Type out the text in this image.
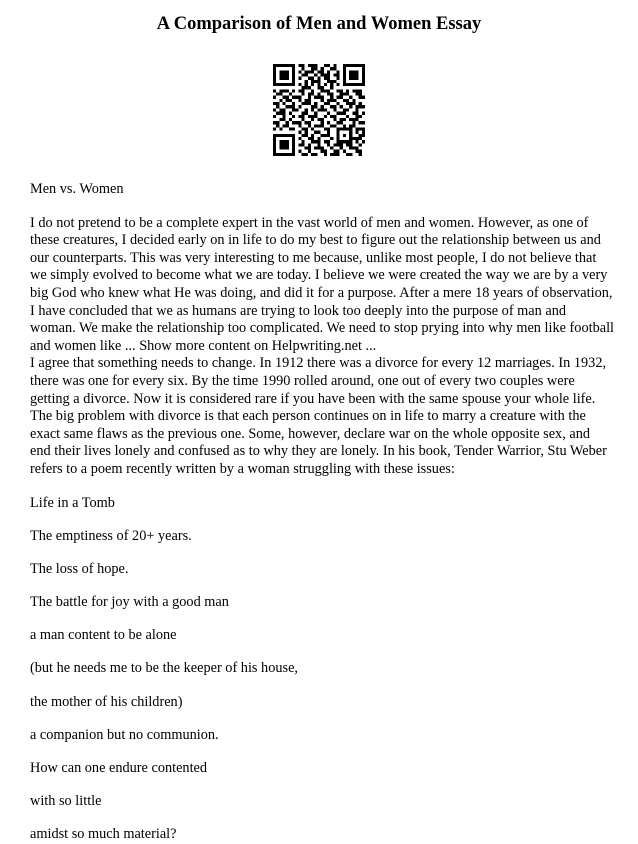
A Comparison of Men and Women Essay

Men vs. Women

I do not pretend to be a complete expert in the vast world of men and women. However, as one of these creatures, I decided early on in life to do my best to figure out the relationship between us and our counterparts. This was very interesting to me because, unlike most people, I do not believe that we simply evolved to become what we are today. I believe we were created the way we are by a very big God who knew what He was doing, and did it for a purpose. After a mere 18 years of observation, I have concluded that we as humans are trying to look too deeply into the purpose of man and woman. We make the relationship too complicated. We need to stop prying into why men like football and women like ... Show more content on Helpwriting.net ...

I agree that something needs to change. In 1912 there was a divorce for every 12 marriages. In 1932, there was one for every six. By the time 1990 rolled around, one out of every two couples were getting a divorce. Now it is considered rare if you have been with the same spouse your whole life. The big problem with divorce is that each person continues on in life to marry a creature with the exact same flaws as the previous one. Some, however, declare war on the whole opposite sex, and end their lives lonely and confused as to why they are lonely. In his book, Tender Warrior, Stu Weber refers to a poem recently written by a woman struggling with these issues:

Life in a Tomb

The emptiness of 20+ years.

The loss of hope.

The battle for joy with a good man

a man content to be alone

(but he needs me to be the keeper of his house,

the mother of his children)

a companion but no communion.

How can one endure contented

with so little

amidst so much material?
